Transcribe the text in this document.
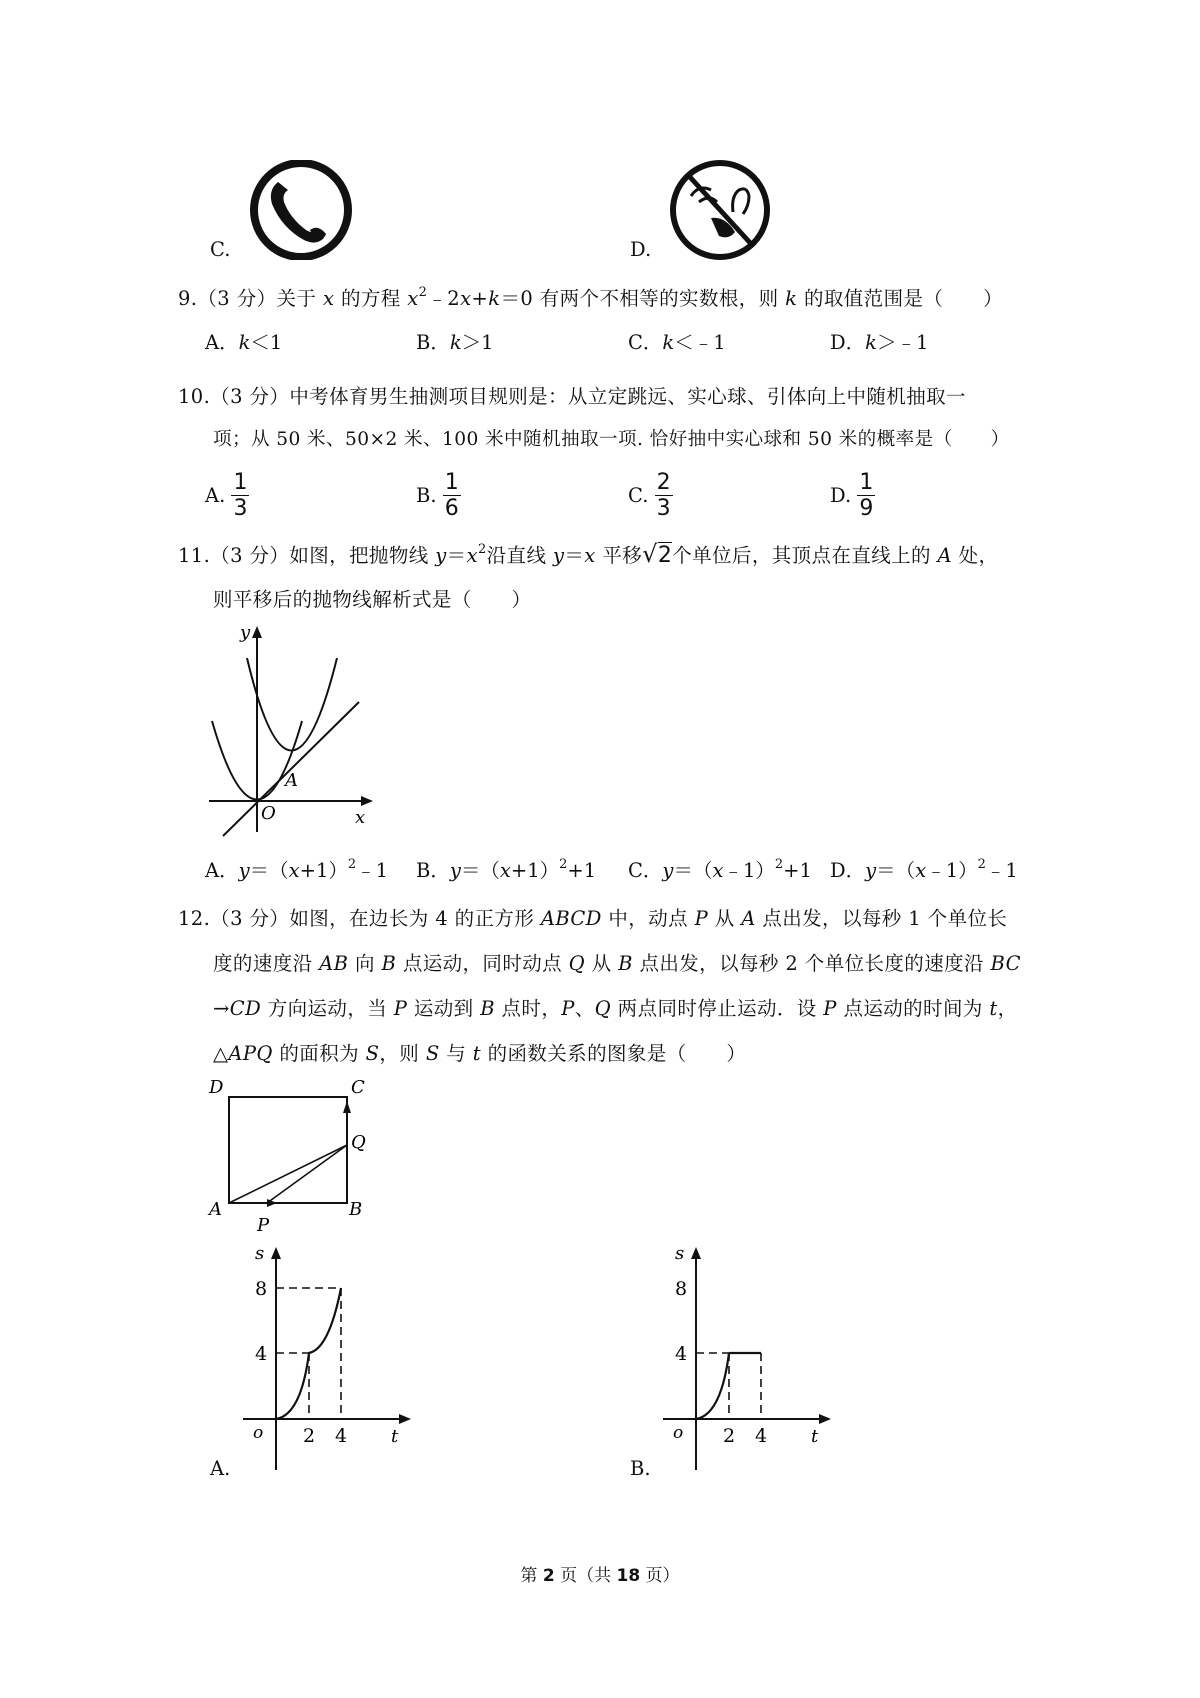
C.	D.
9.（3 分）关于 x 的方程 $x^2﹣2x+k=0$ 有两个不相等的实数根，则 k 的取值范围是（　　）
A．k＜1	B．k＞1	C．k＜﹣1	D．k＞﹣1
10.（3 分）中考体育男生抽测项目规则是：从立定跳远、实心球、引体向上中随机抽取一
项；从 50 米、50×2 米、100 米中随机抽取一项. 恰好抽中实心球和 50 米的概率是（　　）
A. $\frac{1}{3}$	B. $\frac{1}{6}$	C. $\frac{2}{3}$	D. $\frac{1}{9}$
11.（3 分）如图，把抛物线 $y=x^2$沿直线 y＝x 平移√2个单位后，其顶点在直线上的 A 处，
则平移后的抛物线解析式是（　　）
y
x
O
A
A．$y=(x+1)^2﹣1$ B．$y=(x+1)^2+1$ C．y＝（x﹣1）$^2$+1 D．y＝（x﹣1）$^2$﹣1
12.（3 分）如图，在边长为 4 的正方形 ABCD 中，动点 P 从 A 点出发，以每秒 1 个单位长
度的速度沿 AB 向 B 点运动，同时动点 Q 从 B 点出发，以每秒 2 个单位长度的速度沿 BC
→CD 方向运动，当 P 运动到 B 点时，P、Q 两点同时停止运动．设 P 点运动的时间为 t，
△APQ 的面积为 S，则 S 与 t 的函数关系的图象是（　　）
D	C
Q
A	B
P
A.
s
8
4
o 2 4 t
B.
s
8
4
o 2 4 t
第 2 页（共 18 页）
